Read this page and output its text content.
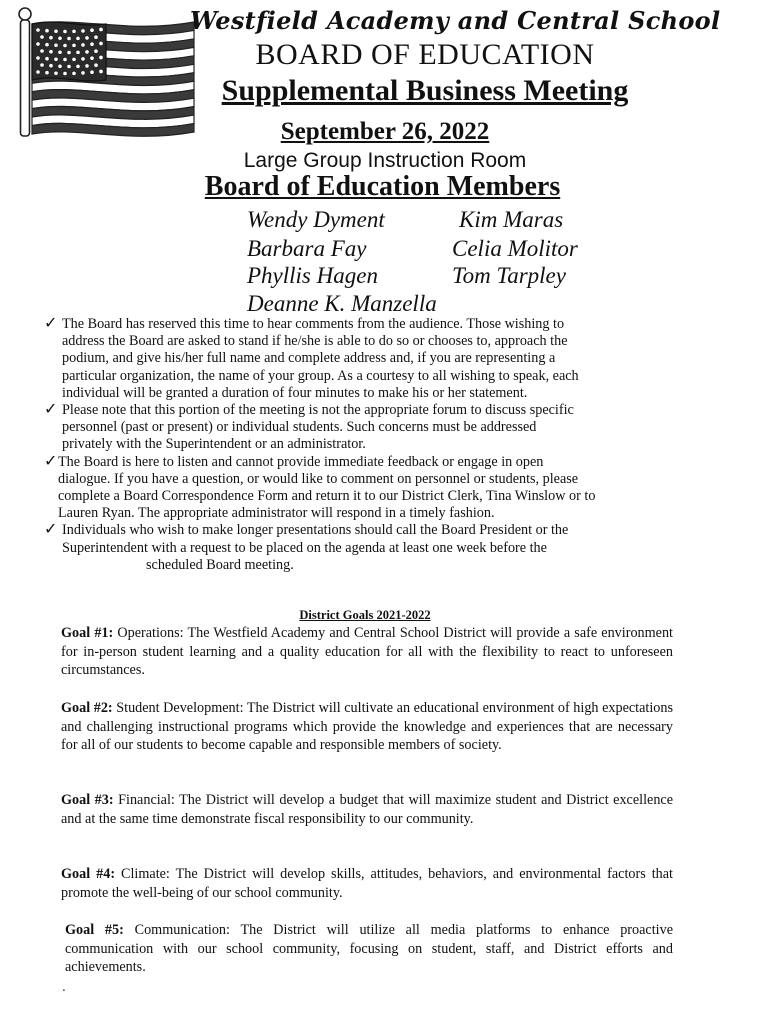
Westfield Academy and Central School
BOARD OF EDUCATION
Supplemental Business Meeting
September 26, 2022
Large Group Instruction Room
Board of Education Members
Wendy Dyment
Barbara Fay
Phyllis Hagen
Deanne K. Manzella
Kim Maras
Celia Molitor
Tom Tarpley
✓ The Board has reserved this time to hear comments from the audience. Those wishing to
address the Board are asked to stand if he/she is able to do so or chooses to, approach the
podium, and give his/her full name and complete address and, if you are representing a
particular organization, the name of your group. As a courtesy to all wishing to speak, each
individual will be granted a duration of four minutes to make his or her statement.
✓ Please note that this portion of the meeting is not the appropriate forum to discuss specific
personnel (past or present) or individual students. Such concerns must be addressed
privately with the Superintendent or an administrator.
✓ The Board is here to listen and cannot provide immediate feedback or engage in open
dialogue. If you have a question, or would like to comment on personnel or students, please
complete a Board Correspondence Form and return it to our District Clerk, Tina Winslow or to
Lauren Ryan. The appropriate administrator will respond in a timely fashion.
✓ Individuals who wish to make longer presentations should call the Board President or the
Superintendent with a request to be placed on the agenda at least one week before the
scheduled Board meeting.
District Goals 2021-2022

Goal #1: Operations: The Westfield Academy and Central School District will provide a safe environment for in-person student learning and a quality education for all with the flexibility to react to unforeseen circumstances.

Goal #2: Student Development: The District will cultivate an educational environment of high expectations and challenging instructional programs which provide the knowledge and experiences that are necessary for all of our students to become capable and responsible members of society.

Goal #3: Financial: The District will develop a budget that will maximize student and District excellence and at the same time demonstrate fiscal responsibility to our community.

Goal #4: Climate: The District will develop skills, attitudes, behaviors, and environmental factors that promote the well-being of our school community.

Goal #5: Communication: The District will utilize all media platforms to enhance proactive communication with our school community, focusing on student, staff, and District efforts and achievements.

.
